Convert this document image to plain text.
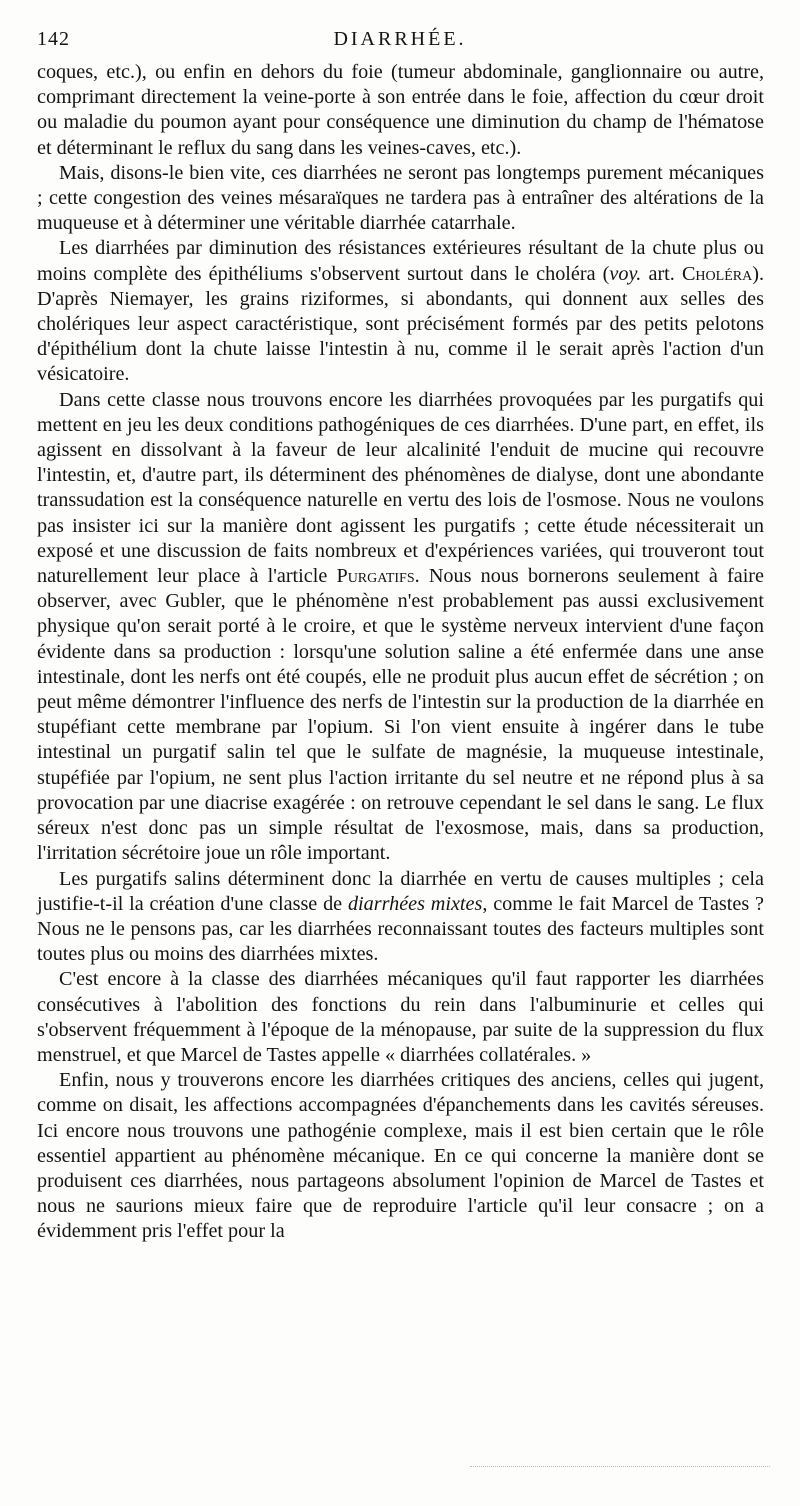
142	DIARRHÉE.

coques, etc.), ou enfin en dehors du foie (tumeur abdominale, ganglionnaire ou autre, comprimant directement la veine-porte à son entrée dans le foie, affection du cœur droit ou maladie du poumon ayant pour conséquence une diminution du champ de l'hématose et déterminant le reflux du sang dans les veines-caves, etc.).

Mais, disons-le bien vite, ces diarrhées ne seront pas longtemps purement mécaniques ; cette congestion des veines mésaraïques ne tardera pas à entraîner des altérations de la muqueuse et à déterminer une véritable diarrhée catarrhale.

Les diarrhées par diminution des résistances extérieures résultant de la chute plus ou moins complète des épithéliums s'observent surtout dans le choléra (voy. art. Choléra). D'après Niemayer, les grains riziformes, si abondants, qui donnent aux selles des cholériques leur aspect caractéristique, sont précisément formés par des petits pelotons d'épithélium dont la chute laisse l'intestin à nu, comme il le serait après l'action d'un vésicatoire.

Dans cette classe nous trouvons encore les diarrhées provoquées par les purgatifs qui mettent en jeu les deux conditions pathogéniques de ces diarrhées. D'une part, en effet, ils agissent en dissolvant à la faveur de leur alcalinité l'enduit de mucine qui recouvre l'intestin, et, d'autre part, ils déterminent des phénomènes de dialyse, dont une abondante transsudation est la conséquence naturelle en vertu des lois de l'osmose. Nous ne voulons pas insister ici sur la manière dont agissent les purgatifs ; cette étude nécessiterait un exposé et une discussion de faits nombreux et d'expériences variées, qui trouveront tout naturellement leur place à l'article Purgatifs. Nous nous bornerons seulement à faire observer, avec Gubler, que le phénomène n'est probablement pas aussi exclusivement physique qu'on serait porté à le croire, et que le système nerveux intervient d'une façon évidente dans sa production : lorsqu'une solution saline a été enfermée dans une anse intestinale, dont les nerfs ont été coupés, elle ne produit plus aucun effet de sécrétion ; on peut même démontrer l'influence des nerfs de l'intestin sur la production de la diarrhée en stupéfiant cette membrane par l'opium. Si l'on vient ensuite à ingérer dans le tube intestinal un purgatif salin tel que le sulfate de magnésie, la muqueuse intestinale, stupéfiée par l'opium, ne sent plus l'action irritante du sel neutre et ne répond plus à sa provocation par une diacrise exagérée : on retrouve cependant le sel dans le sang. Le flux séreux n'est donc pas un simple résultat de l'exosmose, mais, dans sa production, l'irritation sécrétoire joue un rôle important.

Les purgatifs salins déterminent donc la diarrhée en vertu de causes multiples ; cela justifie-t-il la création d'une classe de diarrhées mixtes, comme le fait Marcel de Tastes ? Nous ne le pensons pas, car les diarrhées reconnaissant toutes des facteurs multiples sont toutes plus ou moins des diarrhées mixtes.

C'est encore à la classe des diarrhées mécaniques qu'il faut rapporter les diarrhées consécutives à l'abolition des fonctions du rein dans l'albuminurie et celles qui s'observent fréquemment à l'époque de la ménopause, par suite de la suppression du flux menstruel, et que Marcel de Tastes appelle « diarrhées collatérales. »

Enfin, nous y trouverons encore les diarrhées critiques des anciens, celles qui jugent, comme on disait, les affections accompagnées d'épanchements dans les cavités séreuses. Ici encore nous trouvons une pathogénie complexe, mais il est bien certain que le rôle essentiel appartient au phénomène mécanique. En ce qui concerne la manière dont se produisent ces diarrhées, nous partageons absolument l'opinion de Marcel de Tastes et nous ne saurions mieux faire que de reproduire l'article qu'il leur consacre ; on a évidemment pris l'effet pour la
